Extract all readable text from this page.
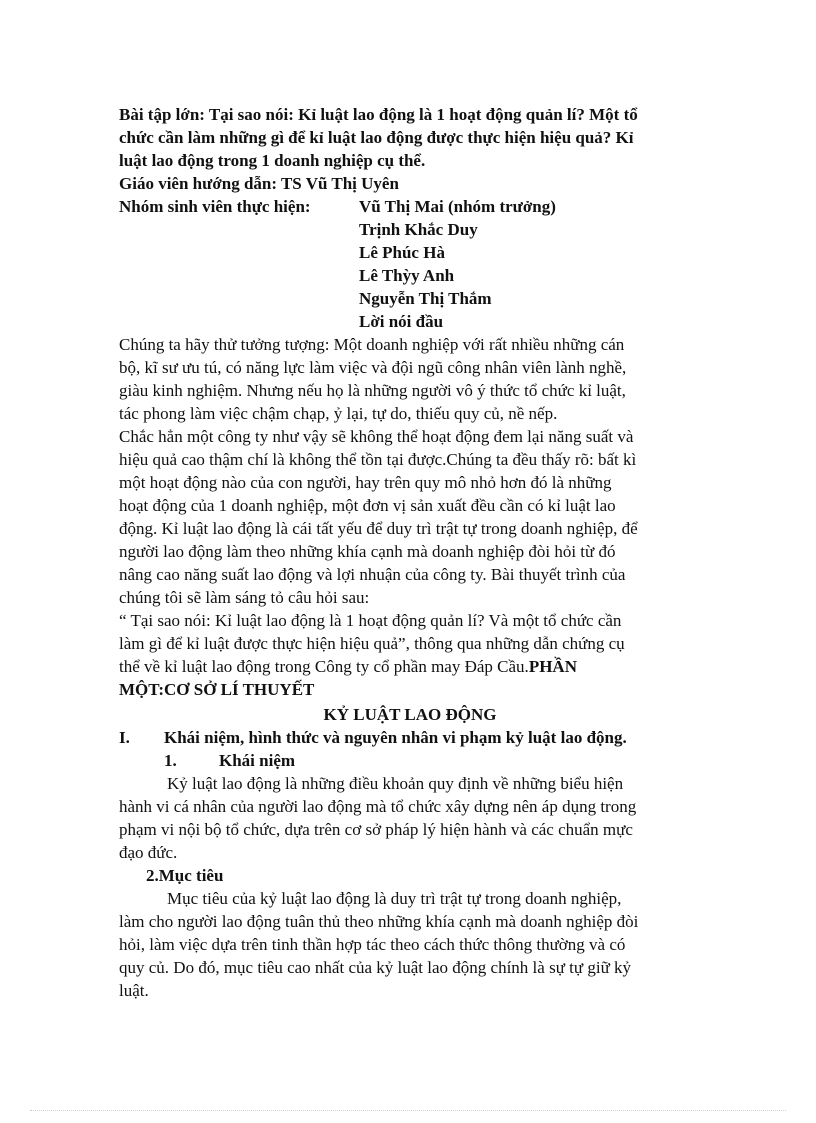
Bài tập lớn: Tại sao nói: Kỉ luật lao động là 1 hoạt động quản lí? Một tổ
chức cần làm những gì để kỉ luật lao động được thực hiện hiệu quả? Kỉ
luật lao động trong 1 doanh nghiệp cụ thể.
Giáo viên hướng dẫn: TS Vũ Thị Uyên
Nhóm sinh viên thực hiện:	Vũ Thị Mai (nhóm trưởng)
Trịnh Khắc Duy
Lê Phúc Hà
Lê Thỳy Anh
Nguyễn Thị Thắm
Lời nói đầu
Chúng ta hãy thử tưởng tượng: Một doanh nghiệp với rất nhiều những cán
bộ, kĩ sư ưu tú, có năng lực làm việc và đội ngũ công nhân viên lành nghề,
giàu kinh nghiệm. Nhưng nếu họ là những người vô ý thức tổ chức kỉ luật,
tác phong làm việc chậm chạp, ỷ lại, tự do, thiếu quy củ, nề nếp.
Chắc hẳn một công ty như vậy sẽ không thể hoạt động đem lại năng suất và
hiệu quả cao thậm chí là không thể tồn tại được.Chúng ta đều thấy rõ: bất kì
một hoạt động nào của con người, hay trên quy mô nhỏ hơn đó là những
hoạt động của 1 doanh nghiệp, một đơn vị sản xuất đều cần có kỉ luật lao
động. Kỉ luật lao động là cái tất yếu để duy trì trật tự trong doanh nghiệp, để
người lao động làm theo những khía cạnh mà doanh nghiệp đòi hỏi từ đó
nâng cao năng suất lao động và lợi nhuận của công ty. Bài thuyết trình của
chúng tôi sẽ làm sáng tỏ câu hỏi sau:
“ Tại sao nói: Kỉ luật lao động là 1 hoạt động quản lí? Và một tổ chức cần
làm gì để kỉ luật được thực hiện hiệu quả”, thông qua những dẫn chứng cụ
thể về kỉ luật lao động trong Công ty cổ phần may Đáp Cầu.PHẦN
MỘT:CƠ SỞ LÍ THUYẾT
KỶ LUẬT LAO ĐỘNG
I.	Khái niệm, hình thức và nguyên nhân vi phạm kỷ luật lao động.
1.	Khái niệm
Kỷ luật lao động là những điều khoản quy định về những biểu hiện
hành vi cá nhân của người lao động mà tổ chức xây dựng nên áp dụng trong
phạm vi nội bộ tổ chức, dựa trên cơ sở pháp lý hiện hành và các chuẩn mực
đạo đức.
2.Mục tiêu
Mục tiêu của kỷ luật lao động là duy trì trật tự trong doanh nghiệp,
làm cho người lao động tuân thủ theo những khía cạnh mà doanh nghiệp đòi
hỏi, làm việc dựa trên tinh thần hợp tác theo cách thức thông thường và có
quy củ. Do đó, mục tiêu cao nhất của kỷ luật lao động chính là sự tự giữ kỷ
luật.
